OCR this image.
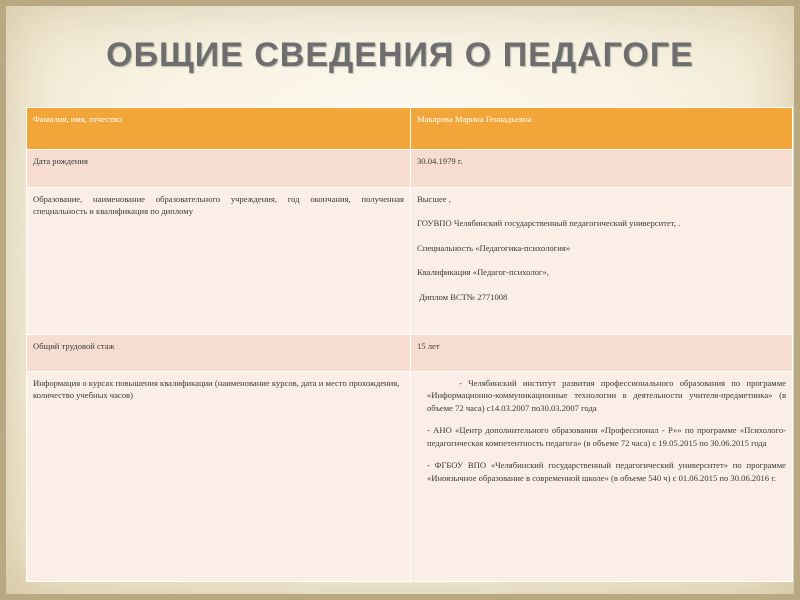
ОБЩИЕ СВЕДЕНИЯ О ПЕДАГОГЕ
Фамилия, имя, отчество:	Макарова Марина Геннадьевна
Дата рождения	30.04.1979 г.
Образование, наименование образовательного учреждения, год окончания, полученная специальность и квалификация по диплому	Высшее ,
ГОУВПО Челябинский государственный педагогический университет, .
Специальность «Педагогика-психология»
Квалификация «Педагог-психолог»,
Диплом ВСТ№ 2771008

Общий трудовой стаж	15 лет
Информация о курсах повышения квалификации (наименование курсов, дата и место прохождения, количество учебных часов)	- Челябинский институт развития профессионального образования по программе «Информационно-коммуникационные технологии в деятельности учителя-предметника» (в объеме 72 часа) с14.03.2007 по30.03.2007 года
- АНО «Центр дополнительного образования «Профессионал - Р»» по программе «Психолого-педагогическая компетентность педагога» (в объеме 72 часа) с 19.05.2015 по 30.06.2015 года
- ФГБОУ ВПО «Челябинский государственный педагогический университет» по программе «Иноязычное образование в современной школе» (в объеме 540 ч) с 01.06.2015 по 30.06.2016 г.
